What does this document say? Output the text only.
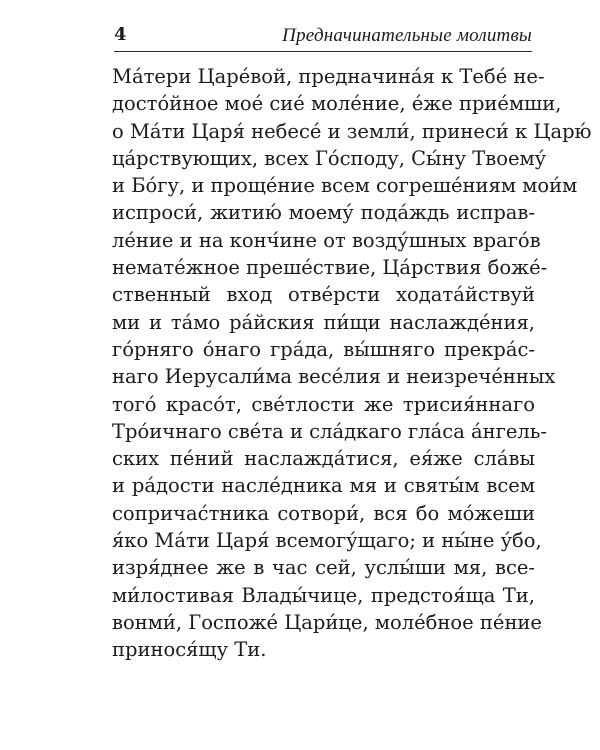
4	Предначинательные молитвы
Ма́тери Царе́вой, предначина́я к Тебе́ не-
досто́йное мое́ сие́ моле́ние, е́же прие́мши,
о Ма́ти Царя́ небесе́ и земли́, принеси́ к Царю́
ца́рствующих, всех Го́споду, Сы́ну Твоему́
и Бо́гу, и проще́ние всем согреше́ниям мои́м
испроси́, житию́ моему́ пода́ждь исправ-
ле́ние и на конч́ине от возду́шных враго́в
нематéжное преше́ствие, Ца́рствия боже́-
ственный вход отве́рсти ходата́йствуй
ми и та́мо ра́йския пи́щи наслажде́ния,
го́рняго о́наго гра́да, вы́шняго прекра́с-
наго Иерусали́ма весе́лия и неизрече́нных
того́ красо́т, све́тлости же трисия́ннаго
Тро́ичнаго све́та и сла́дкаго гла́са а́нгель-
ских пе́ний наслажда́тися, ея́же сла́вы
и ра́дости насле́дника мя и святы́м всем
сопричас́тника сотвори́, вся бо мо́жеши
я́ко Ма́ти Царя́ всемогу́щаго; и ны́не у́бо,
изря́днее же в час сей, услы́ши мя, все-
ми́лостивая Влады́чице, предстоя́ща Ти,
вонми́, Госпоже́ Цари́це, моле́бное пе́ние
принося́щу Ти.
